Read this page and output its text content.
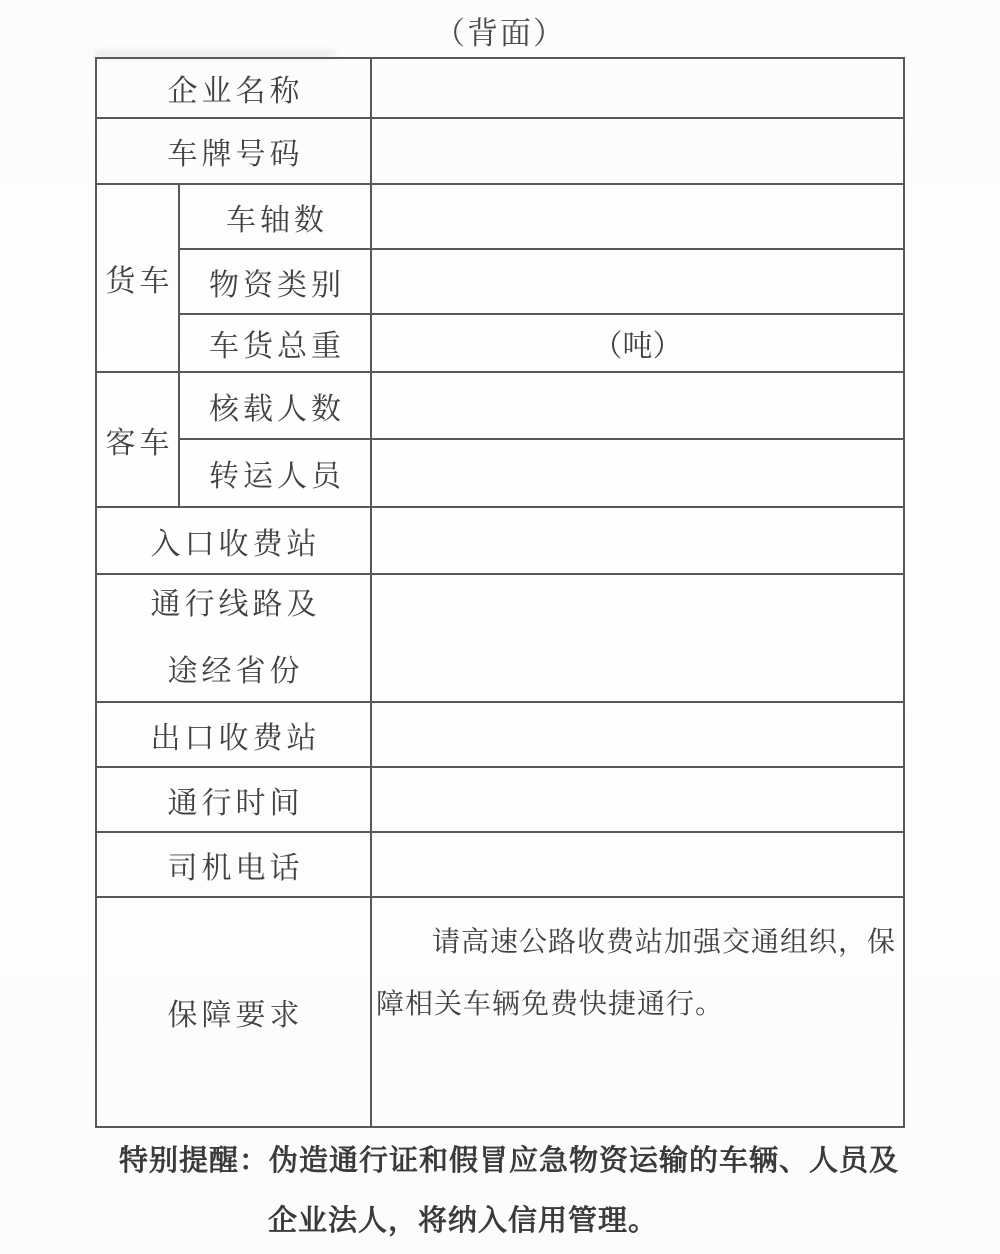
（背面）
企业名称		
车牌号码		
货车	车轴数	
	物资类别	
	车货总重	（吨）
客车	核载人数	
	转运人员	
入口收费站		

通行线路及
途经省份		

出口收费站		
通行时间		
司机电话		
保障要求		请高速公路收费站加强交通组织，保障相关车辆免费快捷通行。

特别提醒：伪造通行证和假冒应急物资运输的车辆、人员及
企业法人，将纳入信用管理。
